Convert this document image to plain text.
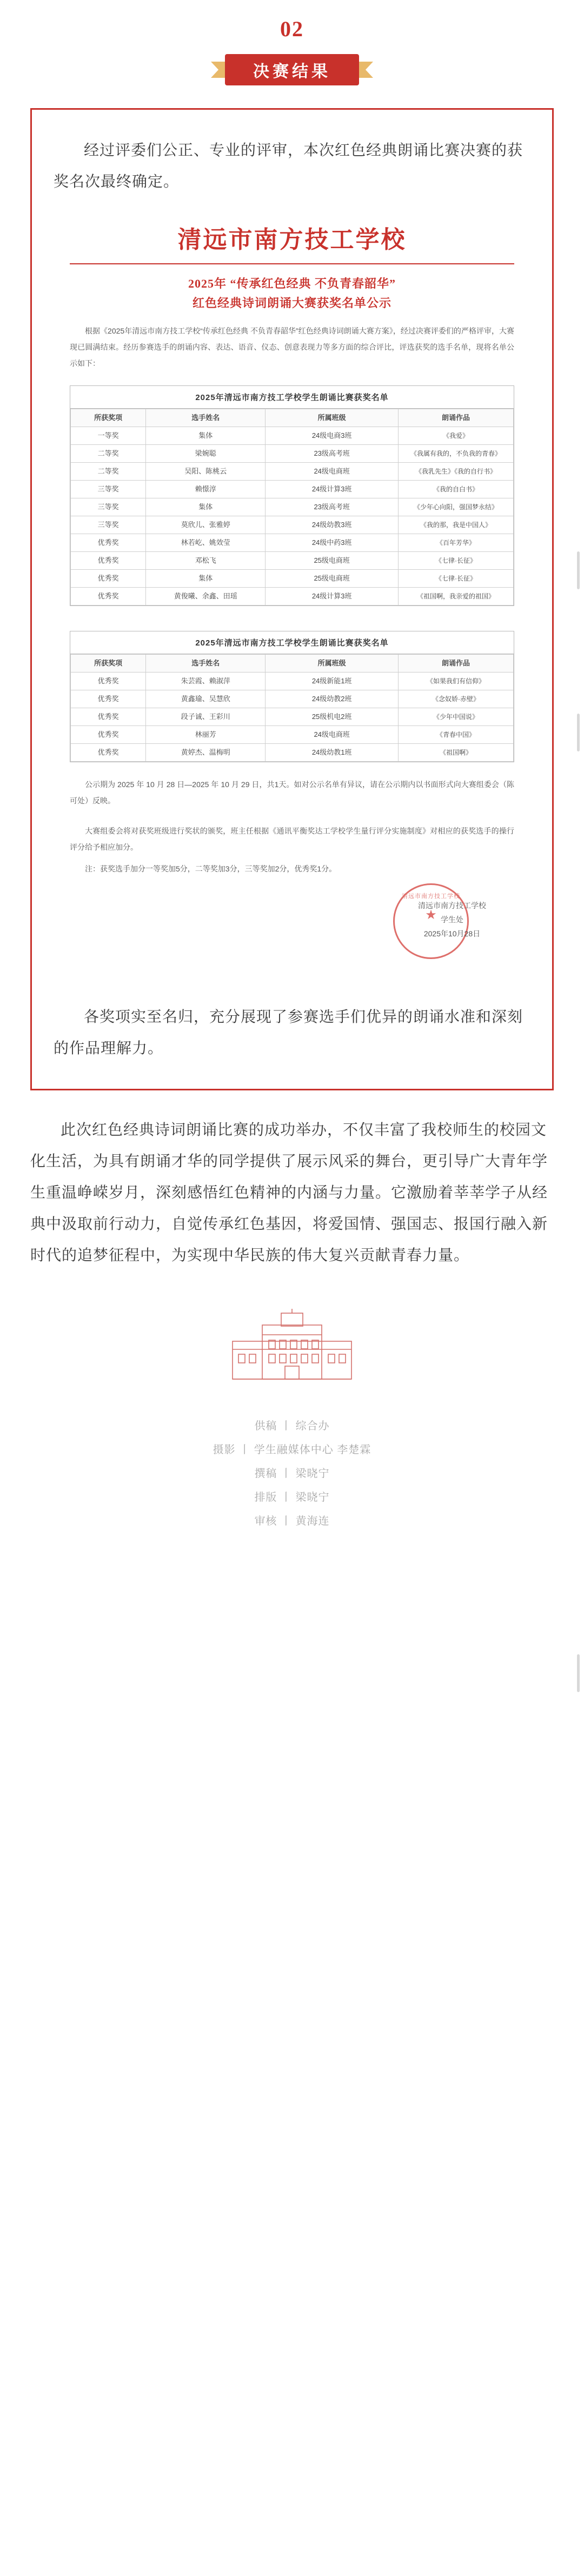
02
决赛结果

经过评委们公正、专业的评审，本次红色经典朗诵比赛决赛的获奖名次最终确定。

清远市南方技工学校
2025年 “传承红色经典 不负青春韶华”
红色经典诗词朗诵大赛获奖名单公示
根据《2025年清远市南方技工学校“传承红色经典 不负青春韶华”红色经典诗词朗诵大赛方案》，经过决赛评委们的严格评审，大赛现已圆满结束。经历参赛选手的朗诵内容、表达、语音、仪态、创意表现力等多方面的综合评比，评选获奖的选手名单，现将名单公示如下：
2025年清远市南方技工学校学生朗诵比赛获奖名单
所获奖项	选手姓名	所属班级	朗诵作品
一等奖	集体	24级电商3班	《我爱》
二等奖	梁婉聪	23级高考班	《我属有我的，不负我的青春》
二等奖	吴阳、陈桃云	24级电商班	《我乳先生》《我的自行书》
三等奖	赖憬淳	24级计算3班	《我的自白书》
三等奖	集体	23级高考班	《少年心向阳，强国梦永结》
三等奖	莫欣儿、张雅婷	24级幼教3班	《我的那，我是中国人》
优秀奖	林若屹、姚效莹	24级中药3班	《百年芳华》
优秀奖	邓松飞	25级电商班	《七律·长征》
优秀奖	集体	25级电商班	《七律·长征》
优秀奖	黄俊曦、余鑫、田瑶	24级计算3班	《祖国啊，我亲爱的祖国》
2025年清远市南方技工学校学生朗诵比赛获奖名单
所获奖项	选手姓名	所属班级	朗诵作品
优秀奖	朱芸霞、赖淑萍	24级新能1班	《如果我们有信仰》
优秀奖	黄鑫瑜、吴慧欣	24级幼教2班	《念奴娇·赤壁》
优秀奖	段子诚、王彩川	25级机电2班	《少年中国说》
优秀奖	林丽芳	24级电商班	《青春中国》
优秀奖	黄婷杰、温梅明	24级幼教1班	《祖国啊》
公示期为 2025 年 10 月 28 日—2025 年 10 月 29 日，共1天。如对公示名单有异议，请在公示期内以书面形式向大赛组委会（陈可处）反映。
大赛组委会将对获奖班级进行奖状的颁奖，班主任根据《通讯平衡奖达工学校学生量行评分实施制度》对相应的获奖选手的操行评分给予相应加分。
注：获奖选手加分一等奖加5分，二等奖加3分，三等奖加2分，优秀奖1分。
清远市南方技工学校
★
清远市南方技工学校
学生处
2025年10月28日

各奖项实至名归，充分展现了参赛选手们优异的朗诵水准和深刻的作品理解力。

此次红色经典诗词朗诵比赛的成功举办，不仅丰富了我校师生的校园文化生活，为具有朗诵才华的同学提供了展示风采的舞台，更引导广大青年学生重温峥嵘岁月，深刻感悟红色精神的内涵与力量。它激励着莘莘学子从经典中汲取前行动力，自觉传承红色基因，将爱国情、强国志、报国行融入新时代的追梦征程中，为实现中华民族的伟大复兴贡献青春力量。
供稿 丨 综合办
摄影 丨 学生融媒体中心 李楚霖
撰稿 丨 梁晓宁
排版 丨 梁晓宁
审核 丨 黄海连
